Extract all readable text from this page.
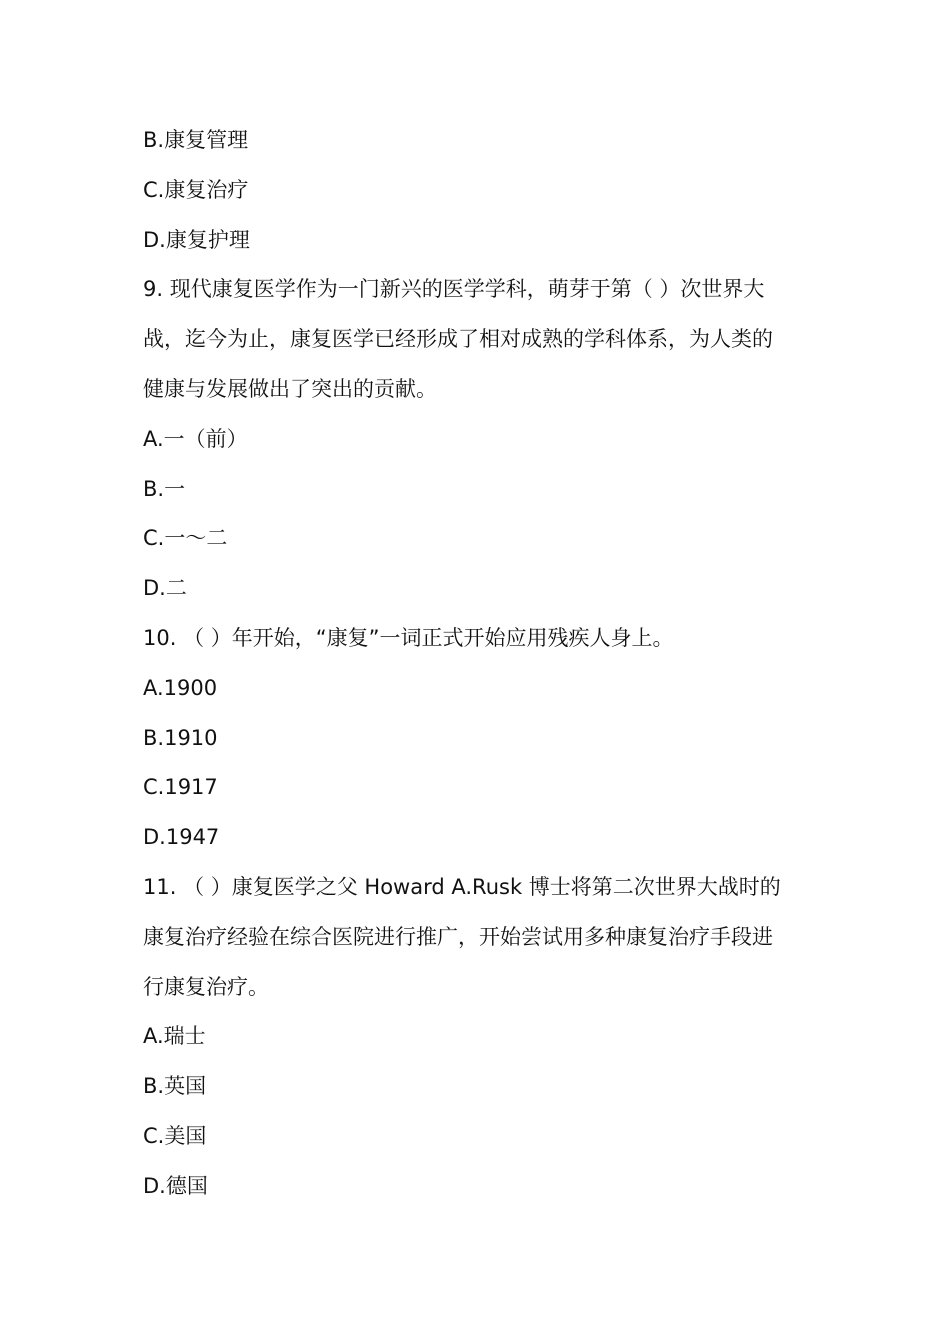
B.康复管理
C.康复治疗
D.康复护理
9. 现代康复医学作为一门新兴的医学学科，萌芽于第（ ）次世界大
战，迄今为止，康复医学已经形成了相对成熟的学科体系，为人类的
健康与发展做出了突出的贡献。
A.一（前）
B.一
C.一～二
D.二
10. （ ）年开始，“康复”一词正式开始应用残疾人身上。
A.1900
B.1910
C.1917
D.1947
11. （ ）康复医学之父 Howard A.Rusk 博士将第二次世界大战时的
康复治疗经验在综合医院进行推广，开始尝试用多种康复治疗手段进
行康复治疗。
A.瑞士
B.英国
C.美国
D.德国
